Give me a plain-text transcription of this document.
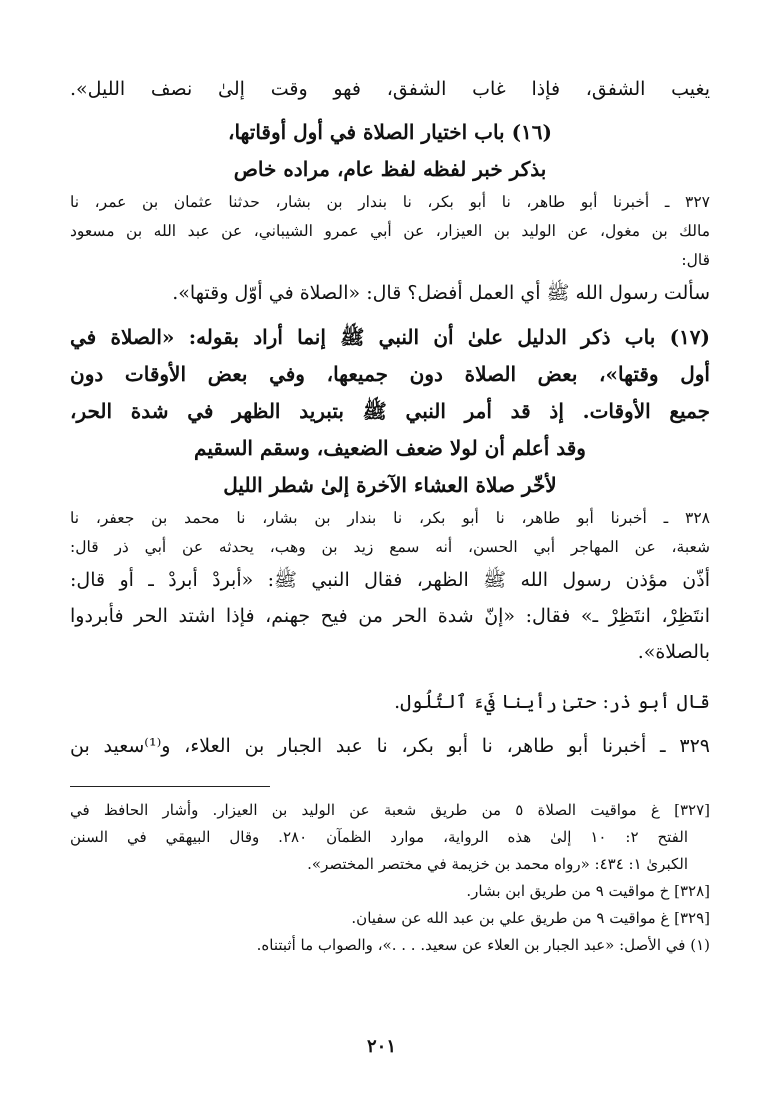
يغيب الشفق، فإذا غاب الشفق، فهو وقت إلىٰ نصف الليل».

(١٦) باب اختيار الصلاة في أول أوقاتها،

بذكر خبر لفظه لفظ عام، مراده خاص

٣٢٧ ـ أخبرنا أبو طاهر، نا أبو بكر، نا بندار بن بشار، حدثنا عثمان بن عمر، نا

مالك بن مغول، عن الوليد بن العيزار، عن أبي عمرو الشيباني، عن عبد الله بن مسعود

قال:

سألت رسول الله ﷺ أي العمل أفضل؟ قال: «الصلاة في أوّل وقتها».

(١٧) باب ذكر الدليل علىٰ أن النبي ﷺ إنما أراد بقوله: «الصلاة في

أول وقتها»، بعض الصلاة دون جميعها، وفي بعض الأوقات دون

جميع الأوقات. إذ قد أمر النبي ﷺ بتبريد الظهر في شدة الحر،

وقد أعلم أن لولا ضعف الضعيف، وسقم السقيم

لأخّر صلاة العشاء الآخرة إلىٰ شطر الليل

٣٢٨ ـ أخبرنا أبو طاهر، نا أبو بكر، نا بندار بن بشار، نا محمد بن جعفر، نا

شعبة، عن المهاجر أبي الحسن، أنه سمع زيد بن وهب، يحدثه عن أبي ذر قال:

أذّن مؤذن رسول الله ﷺ الظهر، فقال النبي ﷺ: «أبردْ أبردْ ـ أو قال:

انتَظِرْ، انتَظِرْ ـ» فقال: «إنّ شدة الحر من فيح جهنم، فإذا اشتد الحر فأبردوا

بالصلاة».

قال أبو ذر: حتىٰ رأينا فَيءَ ٱلتُلُول.

٣٢٩ ـ أخبرنا أبو طاهر، نا أبو بكر، نا عبد الجبار بن العلاء، و⁽¹⁾سعيد بن

[٣٢٧] غ مواقيت الصلاة ٥ من طريق شعبة عن الوليد بن العيزار. وأشار الحافظ في

الفتح ٢: ١٠ إلىٰ هذه الرواية، موارد الظمآن ٢٨٠. وقال البيهقي في السنن

الكبرىٰ ١: ٤٣٤: «رواه محمد بن خزيمة في مختصر المختصر».

[٣٢٨] خ مواقيت ٩ من طريق ابن بشار.

[٣٢٩] غ مواقيت ٩ من طريق علي بن عبد الله عن سفيان.

(١) في الأصل: «عبد الجبار بن العلاء عن سعيد. . . .»، والصواب ما أثبتناه.

٢٠١
